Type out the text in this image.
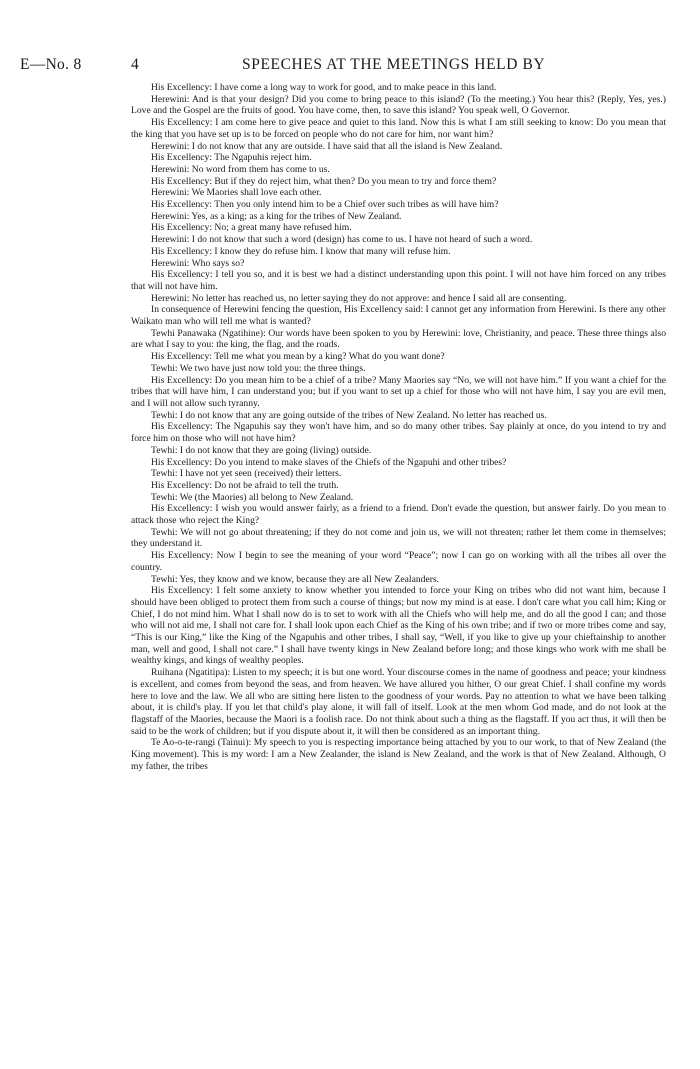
E—No. 8	4	SPEECHES AT THE MEETINGS HELD BY

His Excellency: I have come a long way to work for good, and to make peace in this land.

Herewini: And is that your design? Did you come to bring peace to this island? (To the meeting.) You hear this? (Reply, Yes, yes.) Love and the Gospel are the fruits of good. You have come, then, to save this island? You speak well, O Governor.

His Excellency: I am come here to give peace and quiet to this land. Now this is what I am still seeking to know: Do you mean that the king that you have set up is to be forced on people who do not care for him, nor want him?

Herewini: I do not know that any are outside. I have said that all the island is New Zealand.

His Excellency: The Ngapuhis reject him.

Herewini: No word from them has come to us.

His Excellency: But if they do reject him, what then? Do you mean to try and force them?

Herewini: We Maories shall love each other.

His Excellency: Then you only intend him to be a Chief over such tribes as will have him?

Herewini: Yes, as a king; as a king for the tribes of New Zealand.

His Excellency: No; a great many have refused him.

Herewini: I do not know that such a word (design) has come to us. I have not heard of such a word.

His Excellency: I know they do refuse him. I know that many will refuse him.

Herewini: Who says so?

His Excellency: I tell you so, and it is best we had a distinct understanding upon this point. I will not have him forced on any tribes that will not have him.

Herewini: No letter has reached us, no letter saying they do not approve: and hence I said all are consenting.

In consequence of Herewini fencing the question, His Excellency said: I cannot get any information from Herewini. Is there any other Waikato man who will tell me what is wanted?

Tewhi Panawaka (Ngatihine): Our words have been spoken to you by Herewini: love, Christianity, and peace. These three things also are what I say to you: the king, the flag, and the roads.

His Excellency: Tell me what you mean by a king? What do you want done?

Tewhi: We two have just now told you: the three things.

His Excellency: Do you mean him to be a chief of a tribe? Many Maories say “No, we will not have him.” If you want a chief for the tribes that will have him, I can understand you; but if you want to set up a chief for those who will not have him, I say you are evil men, and I will not allow such tyranny.

Tewhi: I do not know that any are going outside of the tribes of New Zealand. No letter has reached us.

His Excellency: The Ngapuhis say they won't have him, and so do many other tribes. Say plainly at once, do you intend to try and force him on those who will not have him?

Tewhi: I do not know that they are going (living) outside.

His Excellency: Do you intend to make slaves of the Chiefs of the Ngapuhi and other tribes?

Tewhi: I have not yet seen (received) their letters.

His Excellency: Do not be afraid to tell the truth.

Tewhi: We (the Maories) all belong to New Zealand.

His Excellency: I wish you would answer fairly, as a friend to a friend. Don't evade the question, but answer fairly. Do you mean to attack those who reject the King?

Tewhi: We will not go about threatening; if they do not come and join us, we will not threaten; rather let them come in themselves; they understand it.

His Excellency: Now I begin to see the meaning of your word “Peace”; now I can go on working with all the tribes all over the country.

Tewhi: Yes, they know and we know, because they are all New Zealanders.

His Excellency: I felt some anxiety to know whether you intended to force your King on tribes who did not want him, because I should have been obliged to protect them from such a course of things; but now my mind is at ease. I don't care what you call him; King or Chief, I do not mind him. What I shall now do is to set to work with all the Chiefs who will help me, and do all the good I can; and those who will not aid me, I shall not care for. I shall look upon each Chief as the King of his own tribe; and if two or more tribes come and say, “This is our King,” like the King of the Ngapuhis and other tribes, I shall say, “Well, if you like to give up your chieftainship to another man, well and good, I shall not care.” I shall have twenty kings in New Zealand before long; and those kings who work with me shall be wealthy kings, and kings of wealthy peoples.

Ruihana (Ngatitipa): Listen to my speech; it is but one word. Your discourse comes in the name of goodness and peace; your kindness is excellent, and comes from beyond the seas, and from heaven. We have allured you hither, O our great Chief. I shall confine my words here to love and the law. We all who are sitting here listen to the goodness of your words. Pay no attention to what we have been talking about, it is child's play. If you let that child's play alone, it will fall of itself. Look at the men whom God made, and do not look at the flagstaff of the Maories, because the Maori is a foolish race. Do not think about such a thing as the flagstaff. If you act thus, it will then be said to be the work of children; but if you dispute about it, it will then be considered as an important thing.

Te Ao-o-te-rangi (Tainui): My speech to you is respecting importance being attached by you to our work, to that of New Zealand (the King movement). This is my word: I am a New Zealander, the island is New Zealand, and the work is that of New Zealand. Although, O my father, the tribes
